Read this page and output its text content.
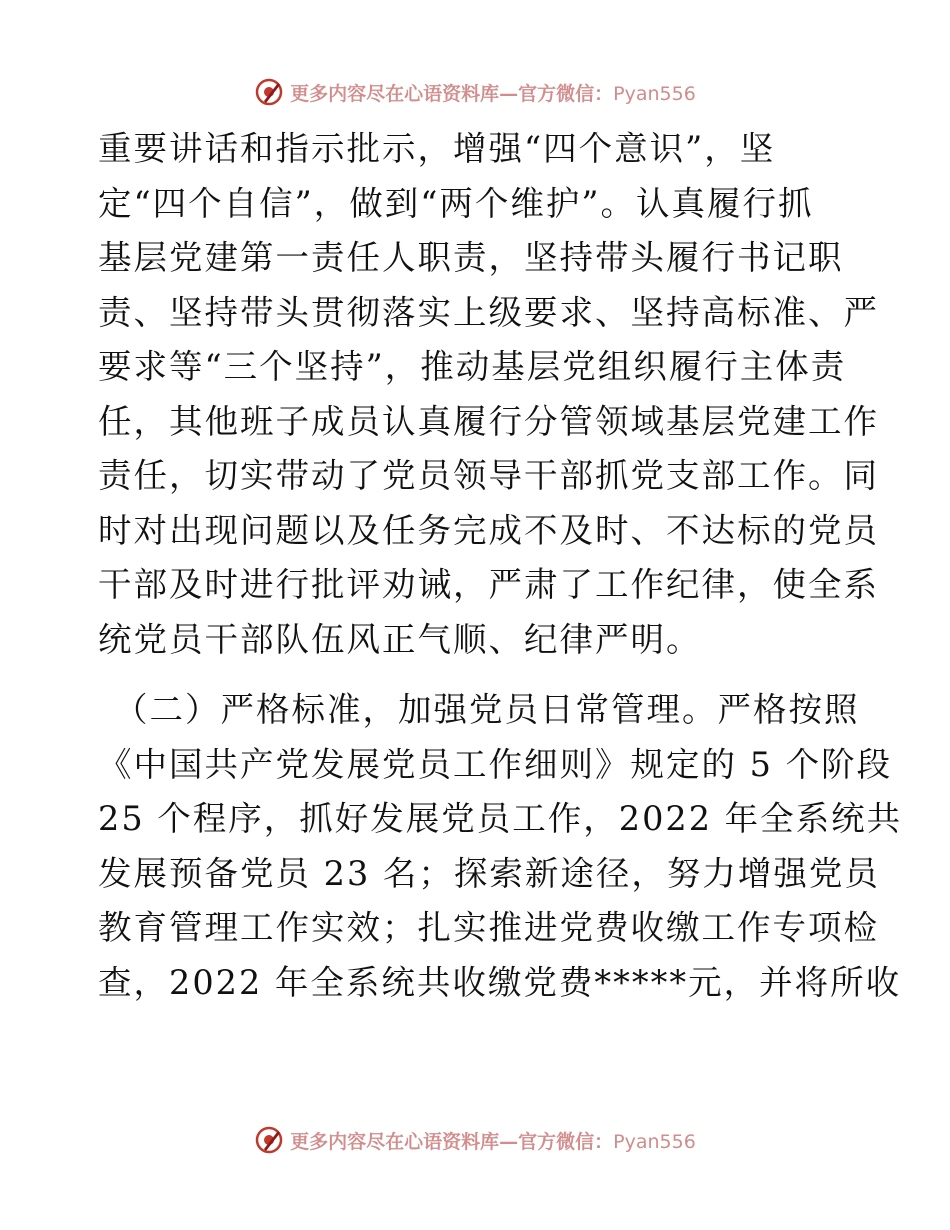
更多内容尽在心语资料库—官方微信：Pyan556
重要讲话和指示批示，增强“四个意识”，坚
定“四个自信”，做到“两个维护”。认真履行抓
基层党建第一责任人职责，坚持带头履行书记职
责、坚持带头贯彻落实上级要求、坚持高标准、严
要求等“三个坚持”，推动基层党组织履行主体责
任，其他班子成员认真履行分管领域基层党建工作
责任，切实带动了党员领导干部抓党支部工作。同
时对出现问题以及任务完成不及时、不达标的党员
干部及时进行批评劝诫，严肃了工作纪律，使全系
统党员干部队伍风正气顺、纪律严明。
（二）严格标准，加强党员日常管理。严格按照
《中国共产党发展党员工作细则》规定的 5 个阶段
25 个程序，抓好发展党员工作，2022 年全系统共
发展预备党员 23 名；探索新途径，努力增强党员
教育管理工作实效；扎实推进党费收缴工作专项检
查，2022 年全系统共收缴党费*****元，并将所收
更多内容尽在心语资料库—官方微信：Pyan556
